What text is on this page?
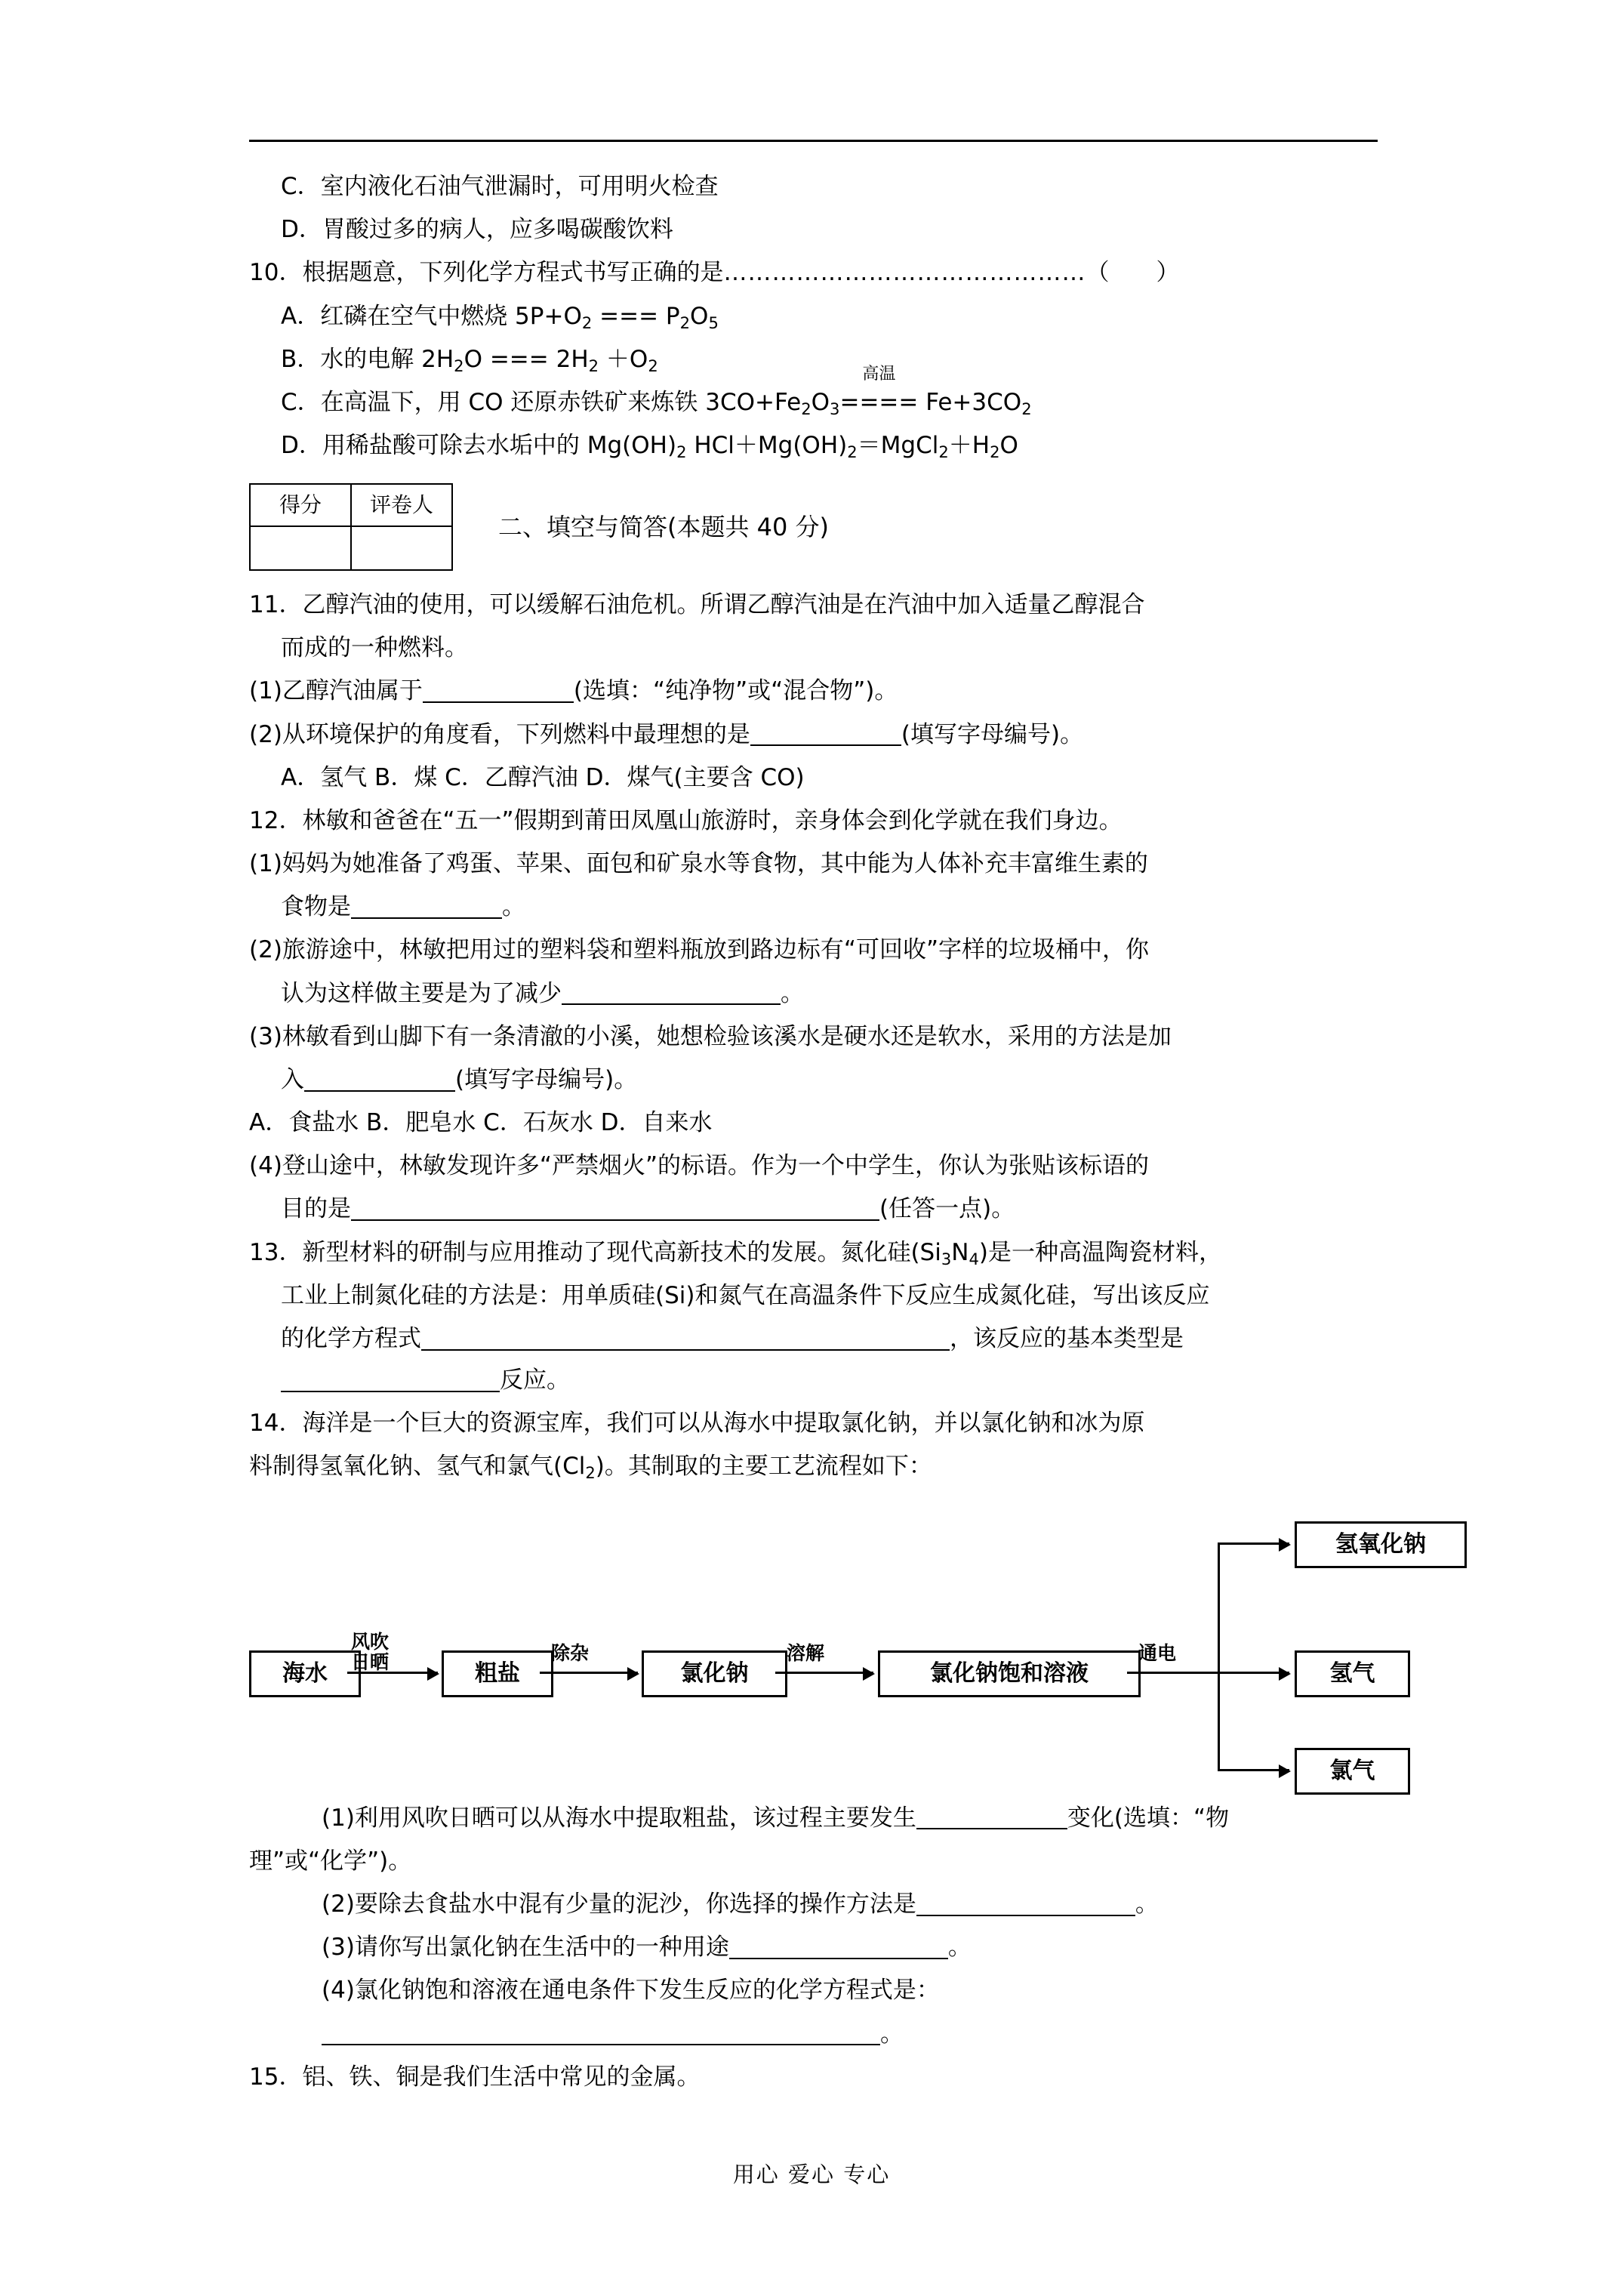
C．室内液化石油气泄漏时，可用明火检查

D．胃酸过多的病人，应多喝碳酸饮料

10．根据题意，下列化学方程式书写正确的是………………………………………（ ）

A．红磷在空气中燃烧 $5P+O_2$ === $P_2O_5$

B．水的电解 $2H_2O$ === $2H_2 +O_2$

C．在高温下，用 CO 还原赤铁矿来炼铁 $3CO+Fe_2O_3$
高温
==== $Fe+3CO_2$

D．用稀盐酸可除去水垢中的 $Mg(OH)_2$ $HCl+Mg(OH)_2=MgCl_2+H_2O$

得分	评卷人

二、填空与简答(本题共 40 分)

11．乙醇汽油的使用，可以缓解石油危机。所谓乙醇汽油是在汽油中加入适量乙醇混合

而成的一种燃料。

(1)乙醇汽油属于	(选填：“纯净物”或“混合物”)。

(2)从环境保护的角度看，下列燃料中最理想的是	(填写字母编号)。

A．氢气 B．煤 C．乙醇汽油 D．煤气(主要含 CO)

12．林敏和爸爸在“五一”假期到莆田凤凰山旅游时，亲身体会到化学就在我们身边。

(1)妈妈为她准备了鸡蛋、苹果、面包和矿泉水等食物，其中能为人体补充丰富维生素的

食物是	。

(2)旅游途中，林敏把用过的塑料袋和塑料瓶放到路边标有“可回收”字样的垃圾桶中，你

认为这样做主要是为了减少	。

(3)林敏看到山脚下有一条清澈的小溪，她想检验该溪水是硬水还是软水，采用的方法是加

入	(填写字母编号)。

A．食盐水 B．肥皂水 C．石灰水 D．自来水

(4)登山途中，林敏发现许多“严禁烟火”的标语。作为一个中学生，你认为张贴该标语的

目的是	(任答一点)。

13．新型材料的研制与应用推动了现代高新技术的发展。氮化硅$(Si_3N_4)$是一种高温陶瓷材料，

工业上制氮化硅的方法是：用单质硅(Si)和氮气在高温条件下反应生成氮化硅，写出该反应

的化学方程式	，该反应的基本类型是反应。

14．海洋是一个巨大的资源宝库，我们可以从海水中提取氯化钠，并以氯化钠和冰为原

料制得氢氧化钠、氢气和氯气$(Cl_2)$。其制取的主要工艺流程如下：

海水
风吹
日晒	粗盐
除杂
氯化钠
溶解
氯化钠饱和溶液
通电
氢氧化钠
氢气
氯气

(1)利用风吹日晒可以从海水中提取粗盐，该过程主要发生	变化(选填：“物

理”或“化学”)。

(2)要除去食盐水中混有少量的泥沙，你选择的操作方法是	。

(3)请你写出氯化钠在生活中的一种用途	。

(4)氯化钠饱和溶液在通电条件下发生反应的化学方程式是：

。

15．铝、铁、铜是我们生活中常见的金属。

用心 爱心 专心
